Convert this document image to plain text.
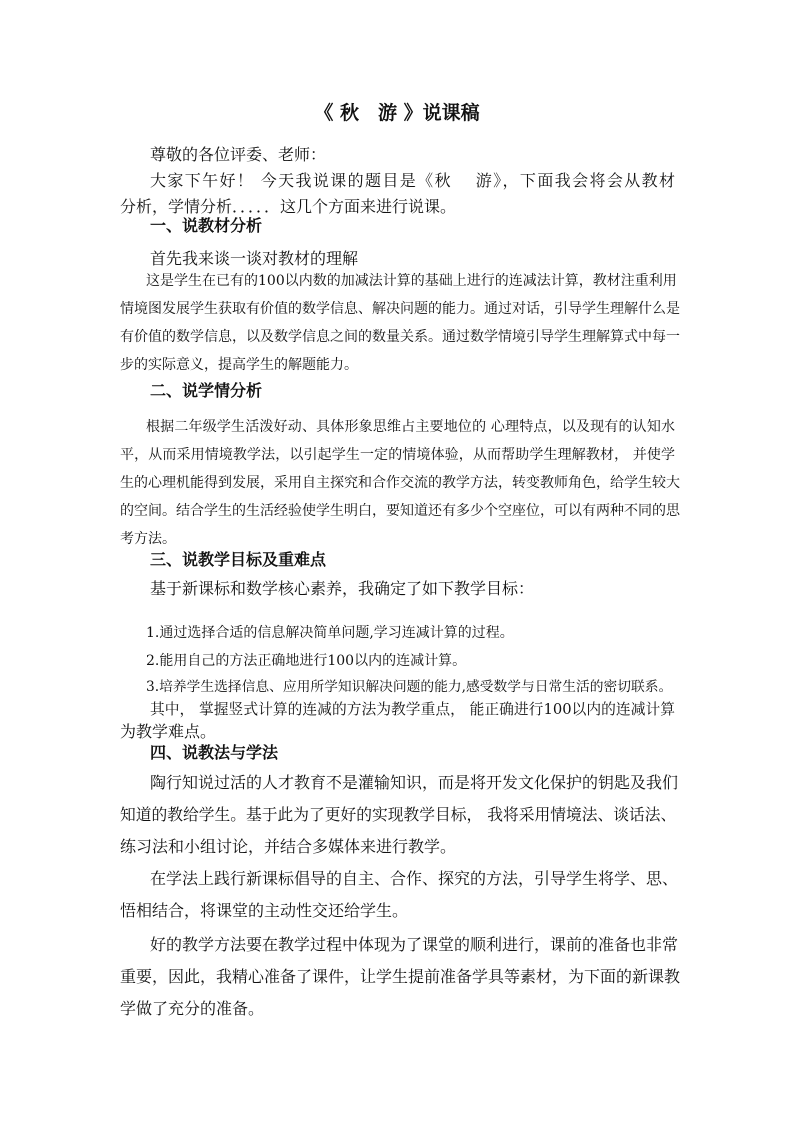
《 秋　游 》说课稿

尊敬的各位评委、老师：

大家下午好！ 今天我说课的题目是《秋　 游》，下面我会将会从教材

分析，学情分析．．．．．这几个方面来进行说课。

一、说教材分析

首先我来谈一谈对教材的理解

这是学生在已有的100以内数的加减法计算的基础上进行的连减法计算，教材注重利用

情境图发展学生获取有价值的数学信息、解决问题的能力。通过对话，引导学生理解什么是

有价值的数学信息，以及数学信息之间的数量关系。通过数学情境引导学生理解算式中每一

步的实际意义，提高学生的解题能力。

二、说学情分析

根据二年级学生活泼好动、具体形象思维占主要地位的 心理特点，以及现有的认知水

平，从而采用情境教学法，以引起学生一定的情境体验，从而帮助学生理解教材， 并使学

生的心理机能得到发展，采用自主探究和合作交流的教学方法，转变教师角色，给学生较大

的空间。结合学生的生活经验使学生明白，要知道还有多少个空座位，可以有两种不同的思

考方法。

三、说教学目标及重难点

基于新课标和数学核心素养，我确定了如下教学目标：

1.通过选择合适的信息解决简单问题,学习连减计算的过程。

2.能用自己的方法正确地进行100以内的连减计算。

3.培养学生选择信息、应用所学知识解决问题的能力,感受数学与日常生活的密切联系。

其中， 掌握竖式计算的连减的方法为教学重点， 能正确进行100以内的连减计算

为教学难点。

四、说教法与学法

陶行知说过活的人才教育不是灌输知识，而是将开发文化保护的钥匙及我们

知道的教给学生。基于此为了更好的实现教学目标， 我将采用情境法、谈话法、

练习法和小组讨论，并结合多媒体来进行教学。

在学法上践行新课标倡导的自主、合作、探究的方法，引导学生将学、思、

悟相结合，将课堂的主动性交还给学生。

好的教学方法要在教学过程中体现为了课堂的顺利进行，课前的准备也非常

重要，因此，我精心准备了课件，让学生提前准备学具等素材，为下面的新课教

学做了充分的准备。
